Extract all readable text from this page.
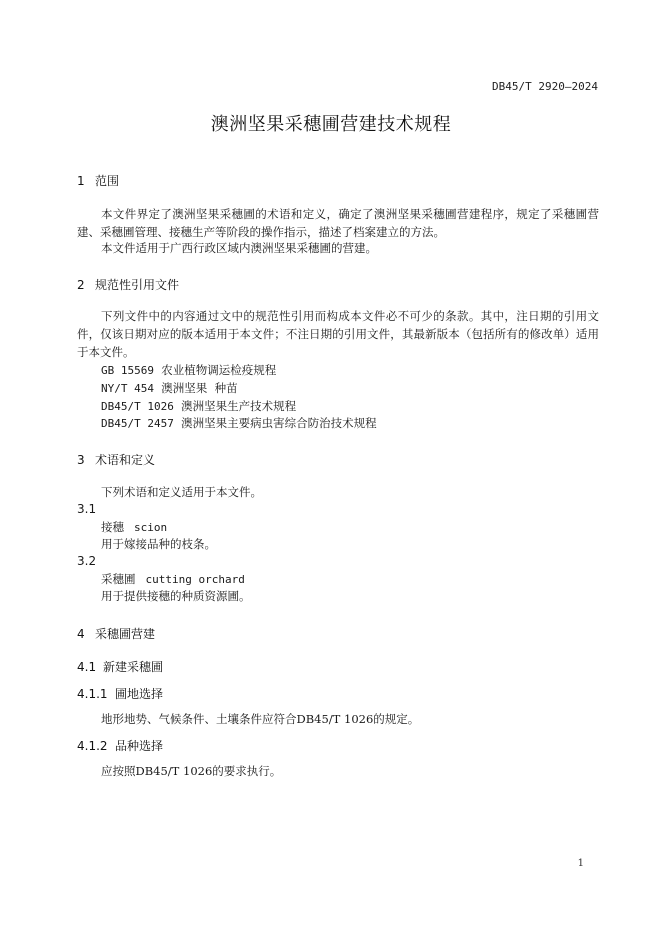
DB45/T 2920—2024
澳洲坚果采穗圃营建技术规程
1 范围
本文件界定了澳洲坚果采穗圃的术语和定义，确定了澳洲坚果采穗圃营建程序，规定了采穗圃营建、采穗圃管理、接穗生产等阶段的操作指示，描述了档案建立的方法。
本文件适用于广西行政区域内澳洲坚果采穗圃的营建。
2 规范性引用文件
下列文件中的内容通过文中的规范性引用而构成本文件必不可少的条款。其中，注日期的引用文件，仅该日期对应的版本适用于本文件；不注日期的引用文件，其最新版本（包括所有的修改单）适用于本文件。
GB 15569 农业植物调运检疫规程
NY/T 454 澳洲坚果  种苗
DB45/T 1026 澳洲坚果生产技术规程
DB45/T 2457 澳洲坚果主要病虫害综合防治技术规程
3 术语和定义
下列术语和定义适用于本文件。
3.1
接穗 scion
用于嫁接品种的枝条。
3.2
采穗圃 cutting orchard
用于提供接穗的种质资源圃。
4 采穗圃营建
4.1 新建采穗圃
4.1.1 圃地选择
地形地势、气候条件、土壤条件应符合DB45/T 1026的规定。
4.1.2 品种选择
应按照DB45/T 1026的要求执行。
1
